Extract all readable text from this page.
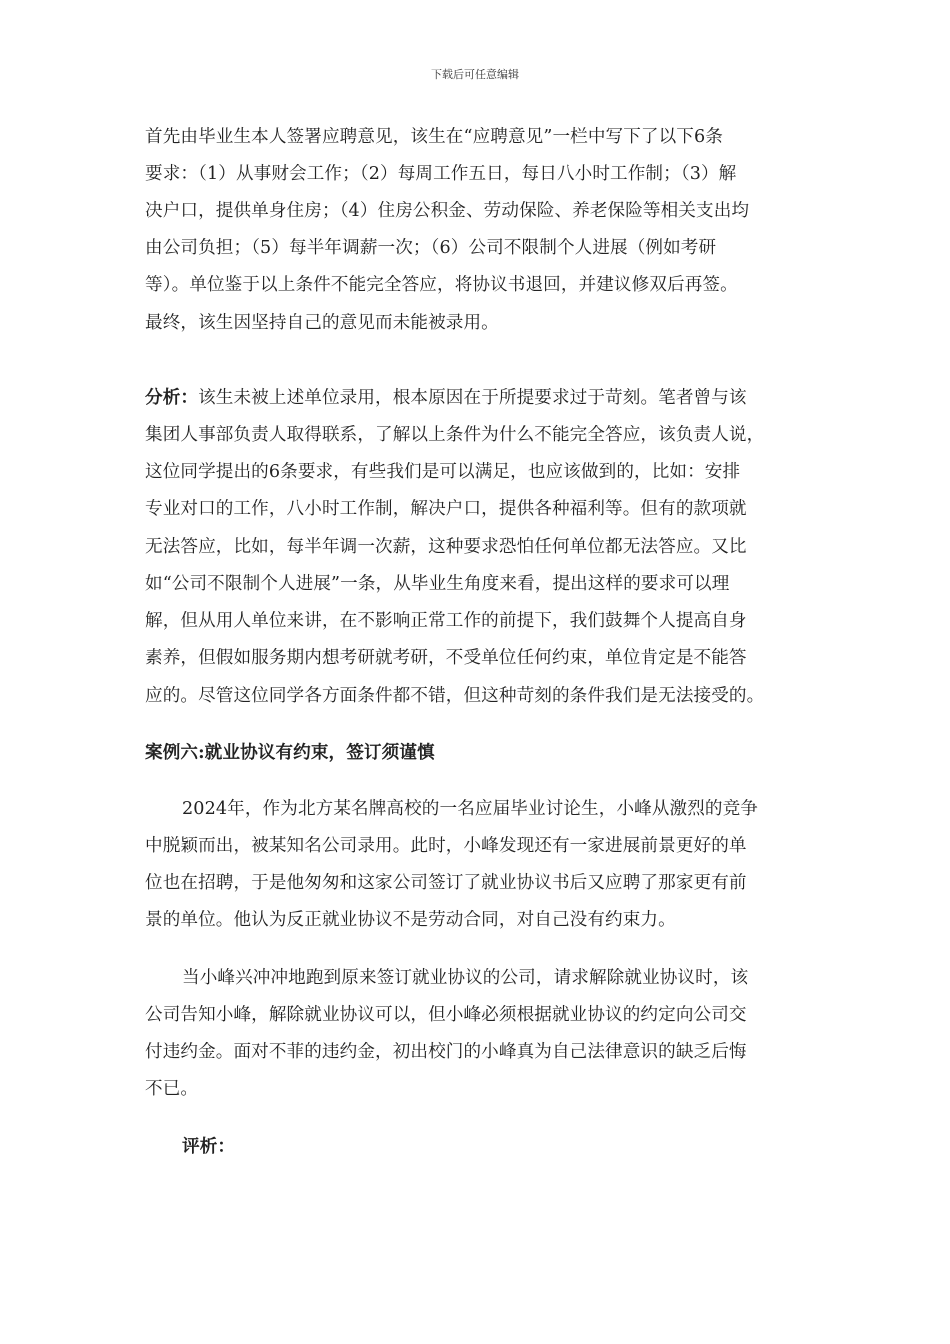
下载后可任意编辑
首先由毕业生本人签署应聘意见，该生在“应聘意见”一栏中写下了以下6条
要求：（1）从事财会工作；（2）每周工作五日，每日八小时工作制；（3）解
决户口，提供单身住房；（4）住房公积金、劳动保险、养老保险等相关支出均
由公司负担；（5）每半年调薪一次；（6）公司不限制个人进展（例如考研
等）。单位鉴于以上条件不能完全答应，将协议书退回，并建议修双后再签。
最终，该生因坚持自己的意见而未能被录用。
分析：该生未被上述单位录用，根本原因在于所提要求过于苛刻。笔者曾与该
集团人事部负责人取得联系，了解以上条件为什么不能完全答应，该负责人说，
这位同学提出的6条要求，有些我们是可以满足，也应该做到的，比如：安排
专业对口的工作，八小时工作制，解决户口，提供各种福利等。但有的款项就
无法答应，比如，每半年调一次薪，这种要求恐怕任何单位都无法答应。又比
如“公司不限制个人进展”一条，从毕业生角度来看，提出这样的要求可以理
解，但从用人单位来讲，在不影响正常工作的前提下，我们鼓舞个人提高自身
素养，但假如服务期内想考研就考研，不受单位任何约束，单位肯定是不能答
应的。尽管这位同学各方面条件都不错，但这种苛刻的条件我们是无法接受的。
案例六:就业协议有约束，签订须谨慎
2024年，作为北方某名牌高校的一名应届毕业讨论生，小峰从激烈的竞争
中脱颖而出，被某知名公司录用。此时，小峰发现还有一家进展前景更好的单
位也在招聘，于是他匆匆和这家公司签订了就业协议书后又应聘了那家更有前
景的单位。他认为反正就业协议不是劳动合同，对自己没有约束力。
当小峰兴冲冲地跑到原来签订就业协议的公司，请求解除就业协议时，该
公司告知小峰，解除就业协议可以，但小峰必须根据就业协议的约定向公司交
付违约金。面对不菲的违约金，初出校门的小峰真为自己法律意识的缺乏后悔
不已。
评析：
